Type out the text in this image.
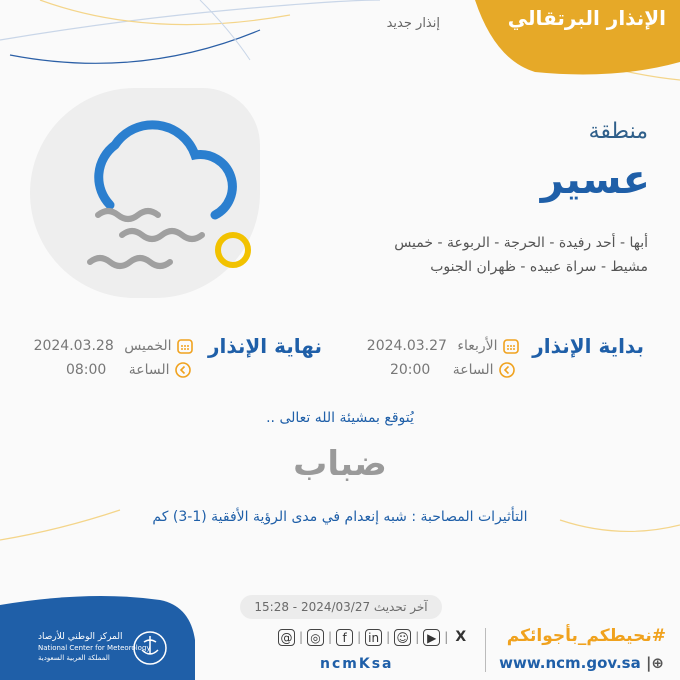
الإنذار البرتقالي
إنذار جديد
منطقة
عسير
أبها - أحد رفيدة - الحرجة - الربوعة - خميس مشيط - سراة عبيده - ظهران الجنوب
بداية الإنذار
الأربعاء 2024.03.27
الساعة 20:00
نهاية الإنذار
الخميس 2024.03.28
الساعة 08:00
يُتوقع بمشيئة الله تعالى ..
ضباب
التأثيرات المصاحبة : شبه إنعدام في مدى الرؤية الأفقية (1-3) كم
آخر تحديث 2024/03/27 - 15:28
المركز الوطني للأرصاد
National Center for Meteorology
المملكة العربية السعودية
@ | ◎ | f | in | ☺ | ▶ | X
ncmKsa
#نحيطكم_بأجوائكم
www.ncm.gov.sa |⊕
